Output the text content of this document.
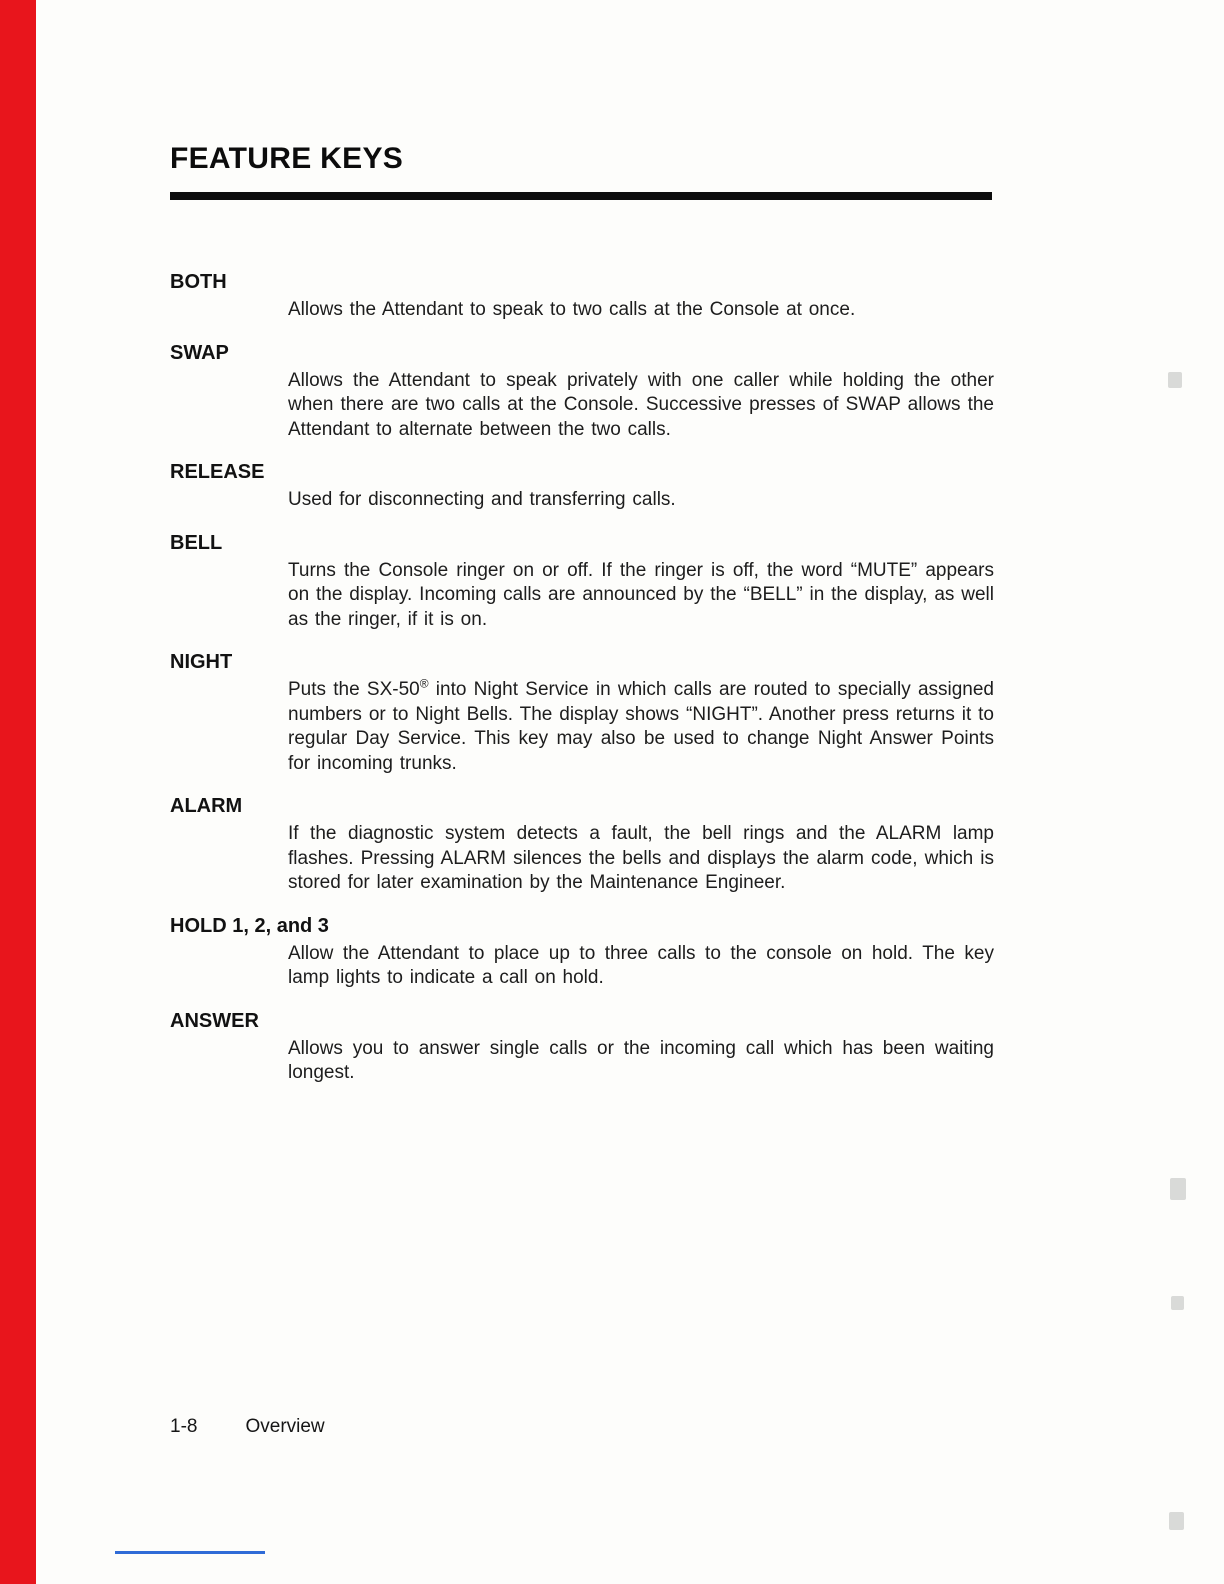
FEATURE KEYS
BOTH

Allows the Attendant to speak to two calls at the Console at once.

SWAP

Allows the Attendant to speak privately with one caller while holding the other when there are two calls at the Console. Successive presses of SWAP allows the Attendant to alternate between the two calls.

RELEASE

Used for disconnecting and transferring calls.

BELL

Turns the Console ringer on or off. If the ringer is off, the word “MUTE” appears on the display. Incoming calls are announced by the “BELL” in the display, as well as the ringer, if it is on.

NIGHT

Puts the SX-50® into Night Service in which calls are routed to specially assigned numbers or to Night Bells. The display shows “NIGHT”. Another press returns it to regular Day Service. This key may also be used to change Night Answer Points for incoming trunks.

ALARM

If the diagnostic system detects a fault, the bell rings and the ALARM lamp flashes. Pressing ALARM silences the bells and displays the alarm code, which is stored for later examination by the Maintenance Engineer.

HOLD 1, 2, and 3

Allow the Attendant to place up to three calls to the console on hold. The key lamp lights to indicate a call on hold.

ANSWER

Allows you to answer single calls or the incoming call which has been waiting longest.

1-8	Overview
